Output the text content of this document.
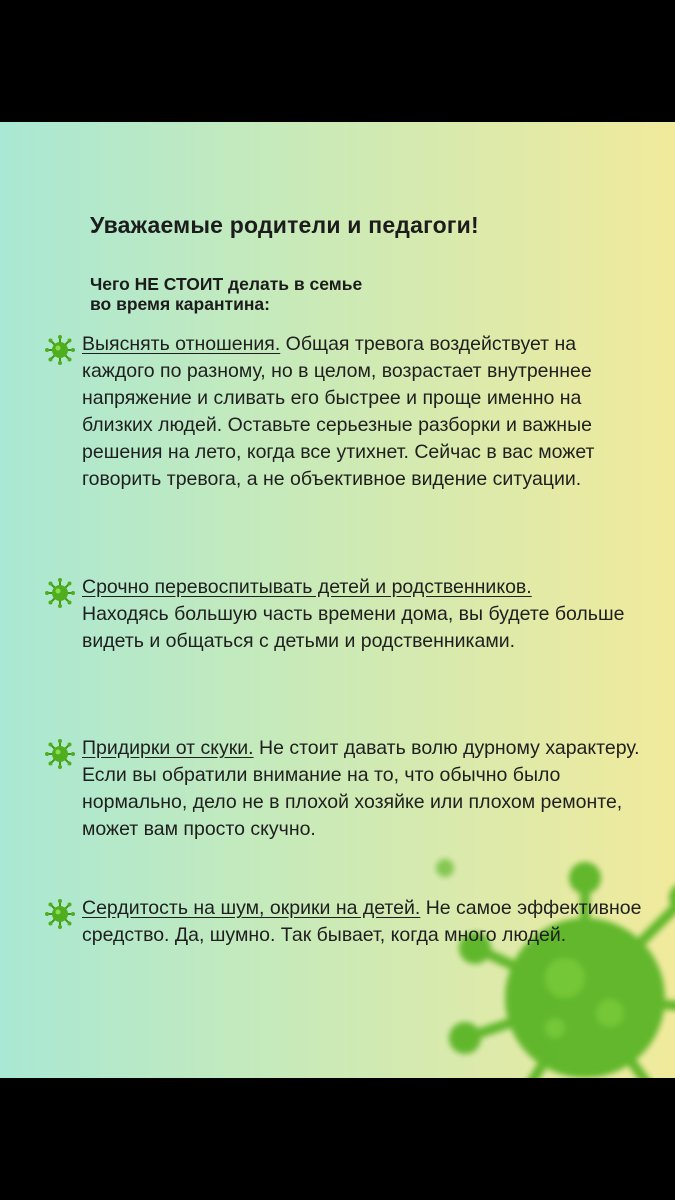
Уважаемые родители и педагоги!
Чего НЕ СТОИТ делать в семье
во время карантина:

Выяснять отношения. Общая тревога воздействует на каждого по разному, но в целом, возрастает внутреннее напряжение и сливать его быстрее и проще именно на близких людей. Оставьте серьезные разборки и важные решения на лето, когда все утихнет. Сейчас в вас может говорить тревога, а не объективное видение ситуации.

Срочно перевоспитывать детей и родственников.

Находясь большую часть времени дома, вы будете больше видеть и общаться с детьми и родственниками.

Придирки от скуки. Не стоит давать волю дурному характеру. Если вы обратили внимание на то, что обычно было нормально, дело не в плохой хозяйке или плохом ремонте, может вам просто скучно.

Сердитость на шум, окрики на детей. Не самое эффективное средство. Да, шумно. Так бывает, когда много людей.
